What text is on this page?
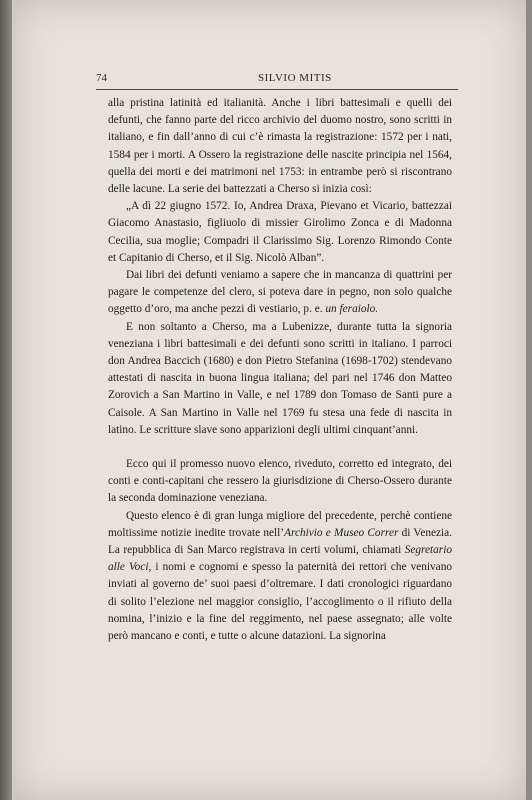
74	SILVIO MITIS

alla pristina latinità ed italianità. Anche i libri battesimali e quelli dei defunti, che fanno parte del ricco archivio del duomo nostro, sono scritti in italiano, e fin dall’anno di cui c’è rimasta la registrazione: 1572 per i nati, 1584 per i morti. A Ossero la registrazione delle nascite principia nel 1564, quella dei morti e dei matrimoni nel 1753: in entrambe però si riscontrano delle lacune. La serie dei battezzati a Cherso si inizia così:

„A dì 22 giugno 1572. Io, Andrea Draxa, Pievano et Vicario, battezzai Giacomo Anastasio, figliuolo di missier Girolimo Zonca e di Madonna Cecilia, sua moglie; Compadri il Clarissimo Sig. Lorenzo Rimondo Conte et Capitanio di Cherso, et il Sig. Nicolò Alban”.

Dai libri dei defunti veniamo a sapere che in mancanza di quattrini per pagare le competenze del clero, si poteva dare in pegno, non solo qualche oggetto d’oro, ma anche pezzi di vestiario, p. e. un feraiolo.

E non soltanto a Cherso, ma a Lubenizze, durante tutta la signoria veneziana i libri battesimali e dei defunti sono scritti in italiano. I parroci don Andrea Baccich (1680) e don Pietro Stefanina (1698-1702) stendevano attestati di nascita in buona lingua italiana; del pari nel 1746 don Matteo Zorovich a San Martino in Valle, e nel 1789 don Tomaso de Santi pure a Caisole. A San Martino in Valle nel 1769 fu stesa una fede di nascita in latino. Le scritture slave sono apparizioni degli ultimi cinquant’anni.

Ecco qui il promesso nuovo elenco, riveduto, corretto ed integrato, dei conti e conti-capitani che ressero la giurisdizione di Cherso-Ossero durante la seconda dominazione veneziana.

Questo elenco è di gran lunga migliore del precedente, perchè contiene moltissime notizie inedite trovate nell’Archivio e Museo Correr di Venezia. La repubblica di San Marco registrava in certi volumi, chiamati Segretario alle Voci, i nomi e cognomi e spesso la paternità dei rettori che venivano inviati al governo de’ suoi paesi d’oltremare. I dati cronologici riguardano di solito l’elezione nel maggior consiglio, l’accoglimento o il rifiuto della nomina, l’inizio e la fine del reggimento, nel paese assegnato; alle volte però mancano e conti, e tutte o alcune datazioni. La signorina
